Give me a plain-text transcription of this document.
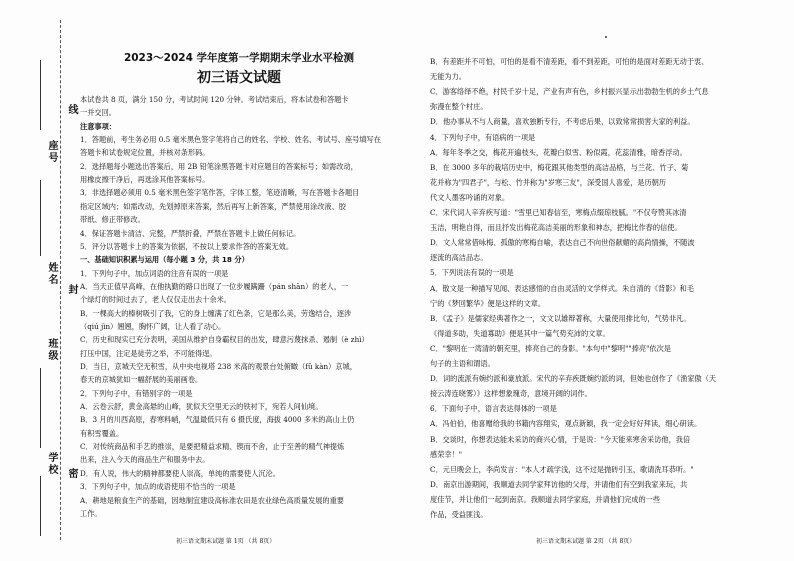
座号
线
姓名
封
班级
学校 密
2023～2024 学年度第一学期期末学业水平检测
初三语文试题
本试卷共 8 页，满分 150 分，考试时间 120 分钟。考试结束后，将本试卷和答题卡
一并交回。
注意事项：
1．答题前，考生务必用 0.5 毫米黑色签字笔将自己的姓名、学校、姓名、考试号、座号填写在
答题卡和试卷规定位置，并核对条形码。
2．选择题每小题选出答案后，用 2B 铅笔涂黑答题卡对应题目的答案标号；如需改动，
用橡皮擦干净后，再选涂其他答案标号。
3．非选择题必须用 0.5 毫米黑色签字笔作答，字体工整，笔迹清晰，写在答题卡各题目
指定区域内；如需改动，先划掉原来答案，然后再写上新答案，严禁使用涂改液、胶
带纸、修正带修改。
4．保证答题卡清洁、完整，严禁折叠，严禁在答题卡上做任何标记。
5．评分以答题卡上的答案为依据，不按以上要求作答的答案无效。
一、基础知识积累与运用（每小题 3 分，共 18 分）
1．下列句子中，加点词语的注音有误的一项是
A．当天正值早高峰，在他执勤的路口出现了一位步履蹒跚（pán shān）的老人，一
个绿灯的时间过去了，老人仅仅走出去十余米。
B．一棵高大的榛树吸引了我，它的身上缠满了红色条，它是那么美，劳逸结合，逐涉
（qiú jìn）翘翘，胸怀广阔，让人看了动心。
C．历史和现实已充分表明，美国从维护自身霸权目的出发，肆意污蔑抹杀、遏制（è zhì）
打压中国，注定是徒劳之举，不可能得逞。
D．当日，京城天空无积雪，从中央电视塔 238 米高的观景台处俯瞰（fǔ kàn）京城，
春天的京城犹如一幅舒展的美丽画卷。
2．下列句子中，有错别字的一项是
A．云卷云舒，黄金高悬的山峰，犹似天空里无云的铁衬下，宛若人间仙境。
B．3 月的川西高原，春寒料峭，气温最低只有 6 摄氏度，海拔 4000 多米的高山上仍
有积雪覆盖。
C．对传统商品和手艺的推崇，是要把精益求精、锲而不舍，止于至善的精气神提炼
出来，注入今天的商品生产和服务中去。
D．有人说，伟大的精神都要使人崇高，单纯的需要使人沉沦。
3．下列句子中，加点的成语使用不恰当的一项是
A．耕地是粮食生产的基础，因地制宜建设高标准农田是农业绿色高质量发展的重要
工作。
B．有差距并不可怕，可怕的是看不清差距，看不到差距，可怕的是面对差距无动于衷、
无能为力。
C．游客络绎不绝，村民千岁十足，产业有声有色，乡村振兴显示出勃勃生机的乡土气息
弥漫在整个村庄。
D．他办事从不与人商量，喜欢独断专行，不考虑后果，以致常常损害大家的利益。
4．下列句子中，有语病的一项是
A．每年冬季之交，梅花开遍枝头，花瓣白似雪、粉似霞，花蕊清雅，暗香浮动。
B．在 3000 多年的栽培历史中，梅花跟其他类型的高洁品格，与兰花、竹子、菊
花并称为"四君子"，与松、竹并称为"岁寒三友"，深受国人喜爱，是历朝历
代文人墨客吟诵的对象。
C．宋代词人辛弃疾写道："雪里已知春信至，寒梅点缀琼枝腻。"不仅夸赞其冰清
玉洁，明艳自得，而且抒发出梅花高洁美丽的形象和神态，把梅比作春的信使。
D．文人常常借咏梅、孤傲的寒梅自喻，表达自己不向世俗献媚的高尚情操，不随波
逐流的高洁品志。
5．下列说法有误的一项是
A．散文是一种描写见闻、表达感悟的自由灵活的文学样式。朱自清的《背影》和毛
宁的《梦回繁华》便是这样的文章。
B．《孟子》是儒家经典著作之一，文文以雄辩著称，大量使用排比句，气势非凡。
《得道多助，失道寡助》便是其中一篇气势充沛的文章。
C．"黎明在一湾清的朝充里，捧亮自己的身影。"本句中"黎明""捧亮"依次是
句子的主语和谓语。
D．词的流派有婉约派和豪放派。宋代的辛弃疾既婉约派的词，但她也创作了《渔家傲（天
接云涛连晓雾）》这样想象瑰奇，意境开阔的词作。
6．下面句子中，语言表达得体的一项是
A．冯伯伯，他喜赠给我的书籍内容翔实，观点新颖，我一定会好好拜读，细心研读。
B．交谈时，你想表达能未采访的商兴心情，于是说："今天能来寒舍采访他，我倍
感荣幸！"
C．元旦晚会上，李尚发言："本人才疏学浅，这不过是抛砖引玉，歌请洗耳恭听。"
D．南京出游期间，我顺道去同学家拜访他的父母，并请他们有空到我家来玩，共
度佳节，并让他们一起到南京。我顺道去同学家庭，并请他们完成的一些
作品，受益匪浅。
初三语文期末试题 第 1页 （共 8页）	初三语文期末试题 第 2页 （共 8页）
